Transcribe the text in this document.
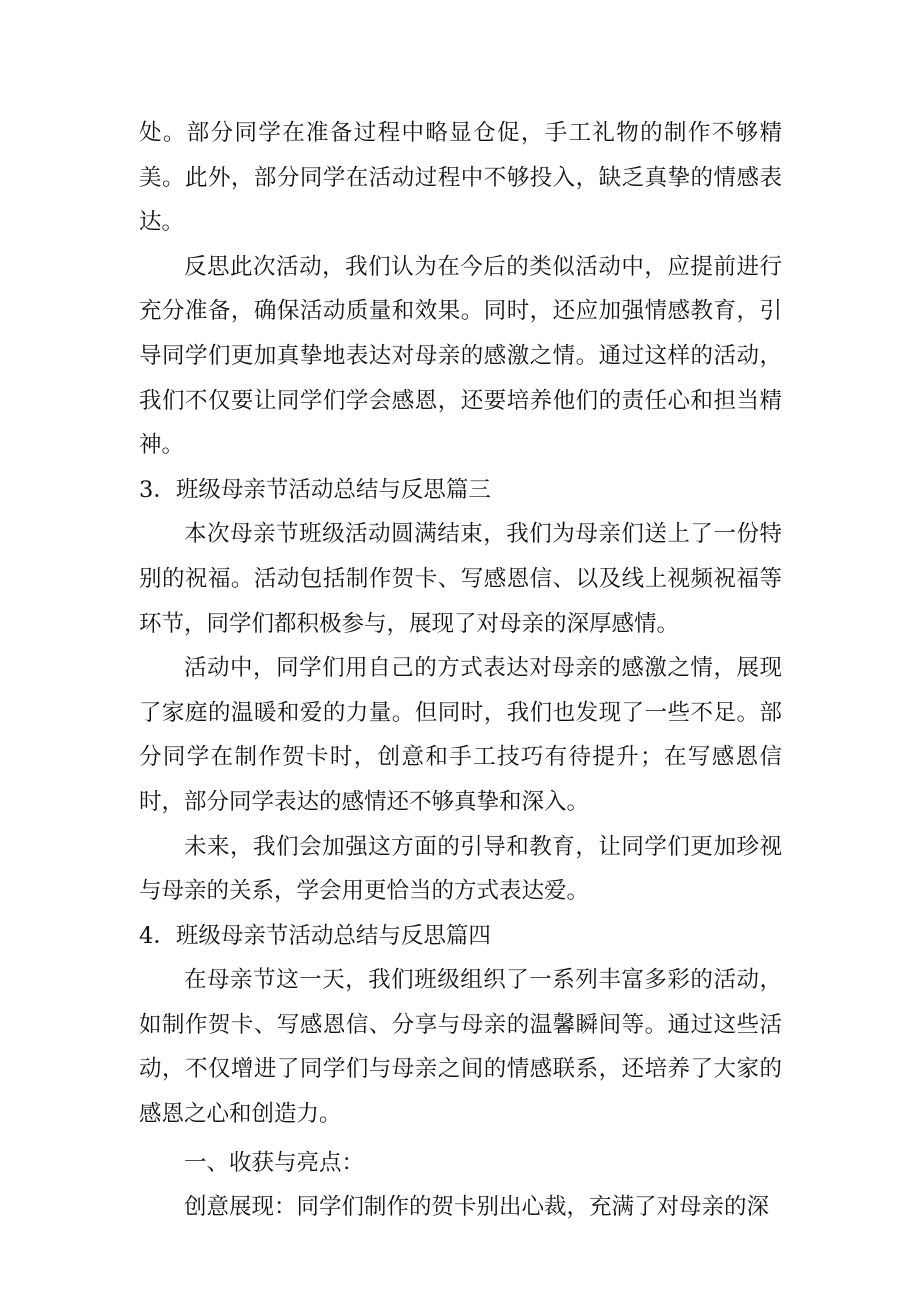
处。部分同学在准备过程中略显仓促，手工礼物的制作不够精美。此外，部分同学在活动过程中不够投入，缺乏真挚的情感表达。

反思此次活动，我们认为在今后的类似活动中，应提前进行充分准备，确保活动质量和效果。同时，还应加强情感教育，引导同学们更加真挚地表达对母亲的感激之情。通过这样的活动，我们不仅要让同学们学会感恩，还要培养他们的责任心和担当精神。

3．班级母亲节活动总结与反思篇三

本次母亲节班级活动圆满结束，我们为母亲们送上了一份特别的祝福。活动包括制作贺卡、写感恩信、以及线上视频祝福等环节，同学们都积极参与，展现了对母亲的深厚感情。

活动中，同学们用自己的方式表达对母亲的感激之情，展现了家庭的温暖和爱的力量。但同时，我们也发现了一些不足。部分同学在制作贺卡时，创意和手工技巧有待提升；在写感恩信时，部分同学表达的感情还不够真挚和深入。

未来，我们会加强这方面的引导和教育，让同学们更加珍视与母亲的关系，学会用更恰当的方式表达爱。

4．班级母亲节活动总结与反思篇四

在母亲节这一天，我们班级组织了一系列丰富多彩的活动，如制作贺卡、写感恩信、分享与母亲的温馨瞬间等。通过这些活动，不仅增进了同学们与母亲之间的情感联系，还培养了大家的感恩之心和创造力。

一、收获与亮点：

创意展现：同学们制作的贺卡别出心裁，充满了对母亲的深
